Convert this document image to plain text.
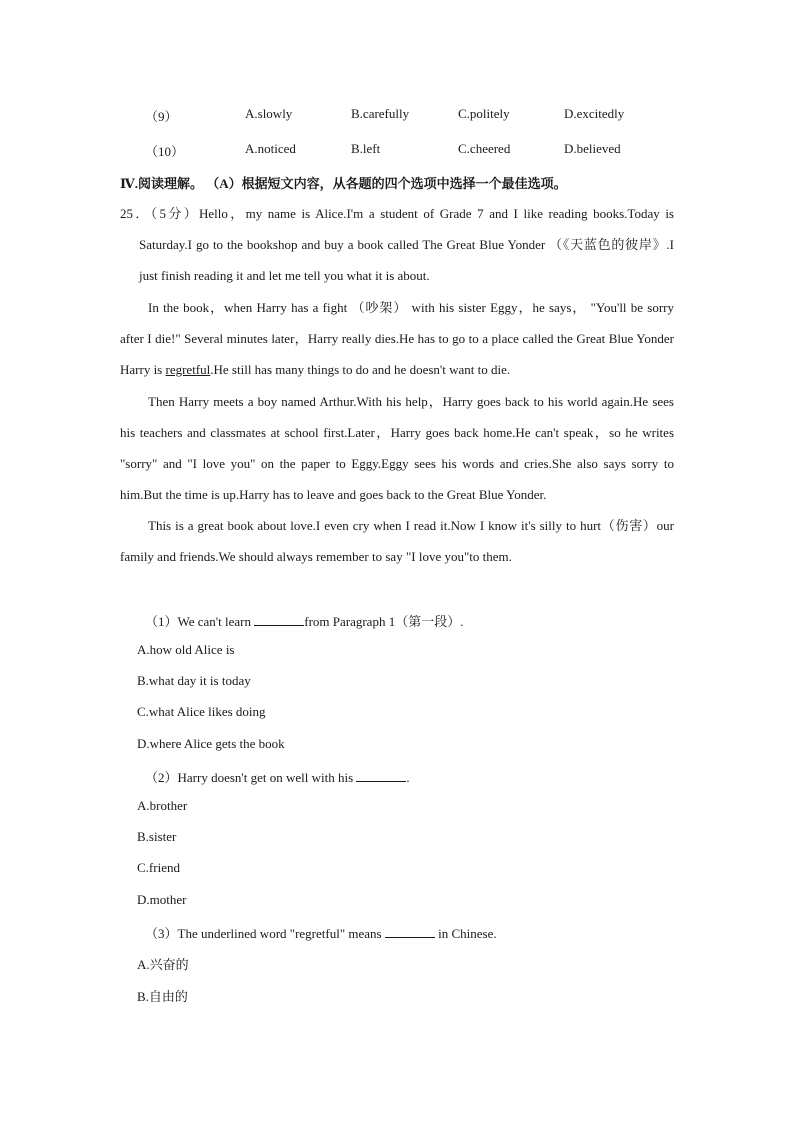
（9）	A.slowly	B.carefully	C.politely	D.excitedly
（10）	A.noticed	B.left	C.cheered	D.believed
Ⅳ.阅读理解。 （A）根据短文内容，从各题的四个选项中选择一个最佳选项。
25．（5分）Hello，my name is Alice.I'm a student of Grade 7 and I like reading books.Today is Saturday.I go to the bookshop and buy a book called The Great Blue Yonder （《天蓝色的彼岸》.I just finish reading it and let me tell you what it is about.
In the book，when Harry has a fight （吵架） with his sister Eggy，he says， "You'll be sorry after I die!" Several minutes later，Harry really dies.He has to go to a place called the Great Blue Yonder Harry is regretful.He still has many things to do and he doesn't want to die.
Then Harry meets a boy named Arthur.With his help，Harry goes back to his world again.He sees his teachers and classmates at school first.Later，Harry goes back home.He can't speak，so he writes "sorry" and "I love you" on the paper to Eggy.Eggy sees his words and cries.She also says sorry to him.But the time is up.Harry has to leave and goes back to the Great Blue Yonder.
This is a great book about love.I even cry when I read it.Now I know it's silly to hurt（伤害）our family and friends.We should always remember to say "I love you"to them.
（1）We can't learn	from Paragraph 1（第一段）.
A.how old Alice is
B.what day it is today
C.what Alice likes doing
D.where Alice gets the book
（2）Harry doesn't get on well with his	.
A.brother
B.sister
C.friend
D.mother
（3）The underlined word "regretful" means	in Chinese.
A.兴奋的
B.自由的
